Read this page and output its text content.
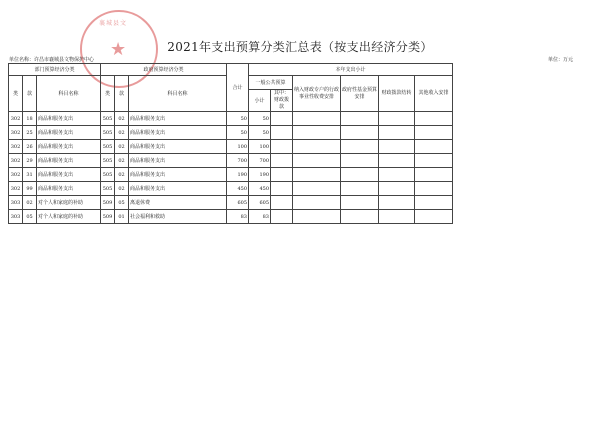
襄城县文
★	2021年支出预算分类汇总表（按支出经济分类）
单位名称：许昌市襄城县文物保护中心	单位：万元
部门预算经济分类			政府预算经济分类			合计	本年支出小计					
类	款	科目名称	类	款	科目名称		一般公共预算		纳入财政专户的行政事业性收费安排	政府性基金预算安排	财政拨款结转	其他收入安排
							小计	其中：财政拨款				
302	18	商品和服务支出	505	02	商品和服务支出	50	50					
302	25	商品和服务支出	505	02	商品和服务支出	50	50					
302	26	商品和服务支出	505	02	商品和服务支出	100	100					
302	29	商品和服务支出	505	02	商品和服务支出	700	700					
302	31	商品和服务支出	505	02	商品和服务支出	190	190					
302	99	商品和服务支出	505	02	商品和服务支出	450	450					
303	02	对个人和家庭的补助	509	05	离退休费	605	605					
303	05	对个人和家庭的补助	509	01	社会福利和救助	83	83					
